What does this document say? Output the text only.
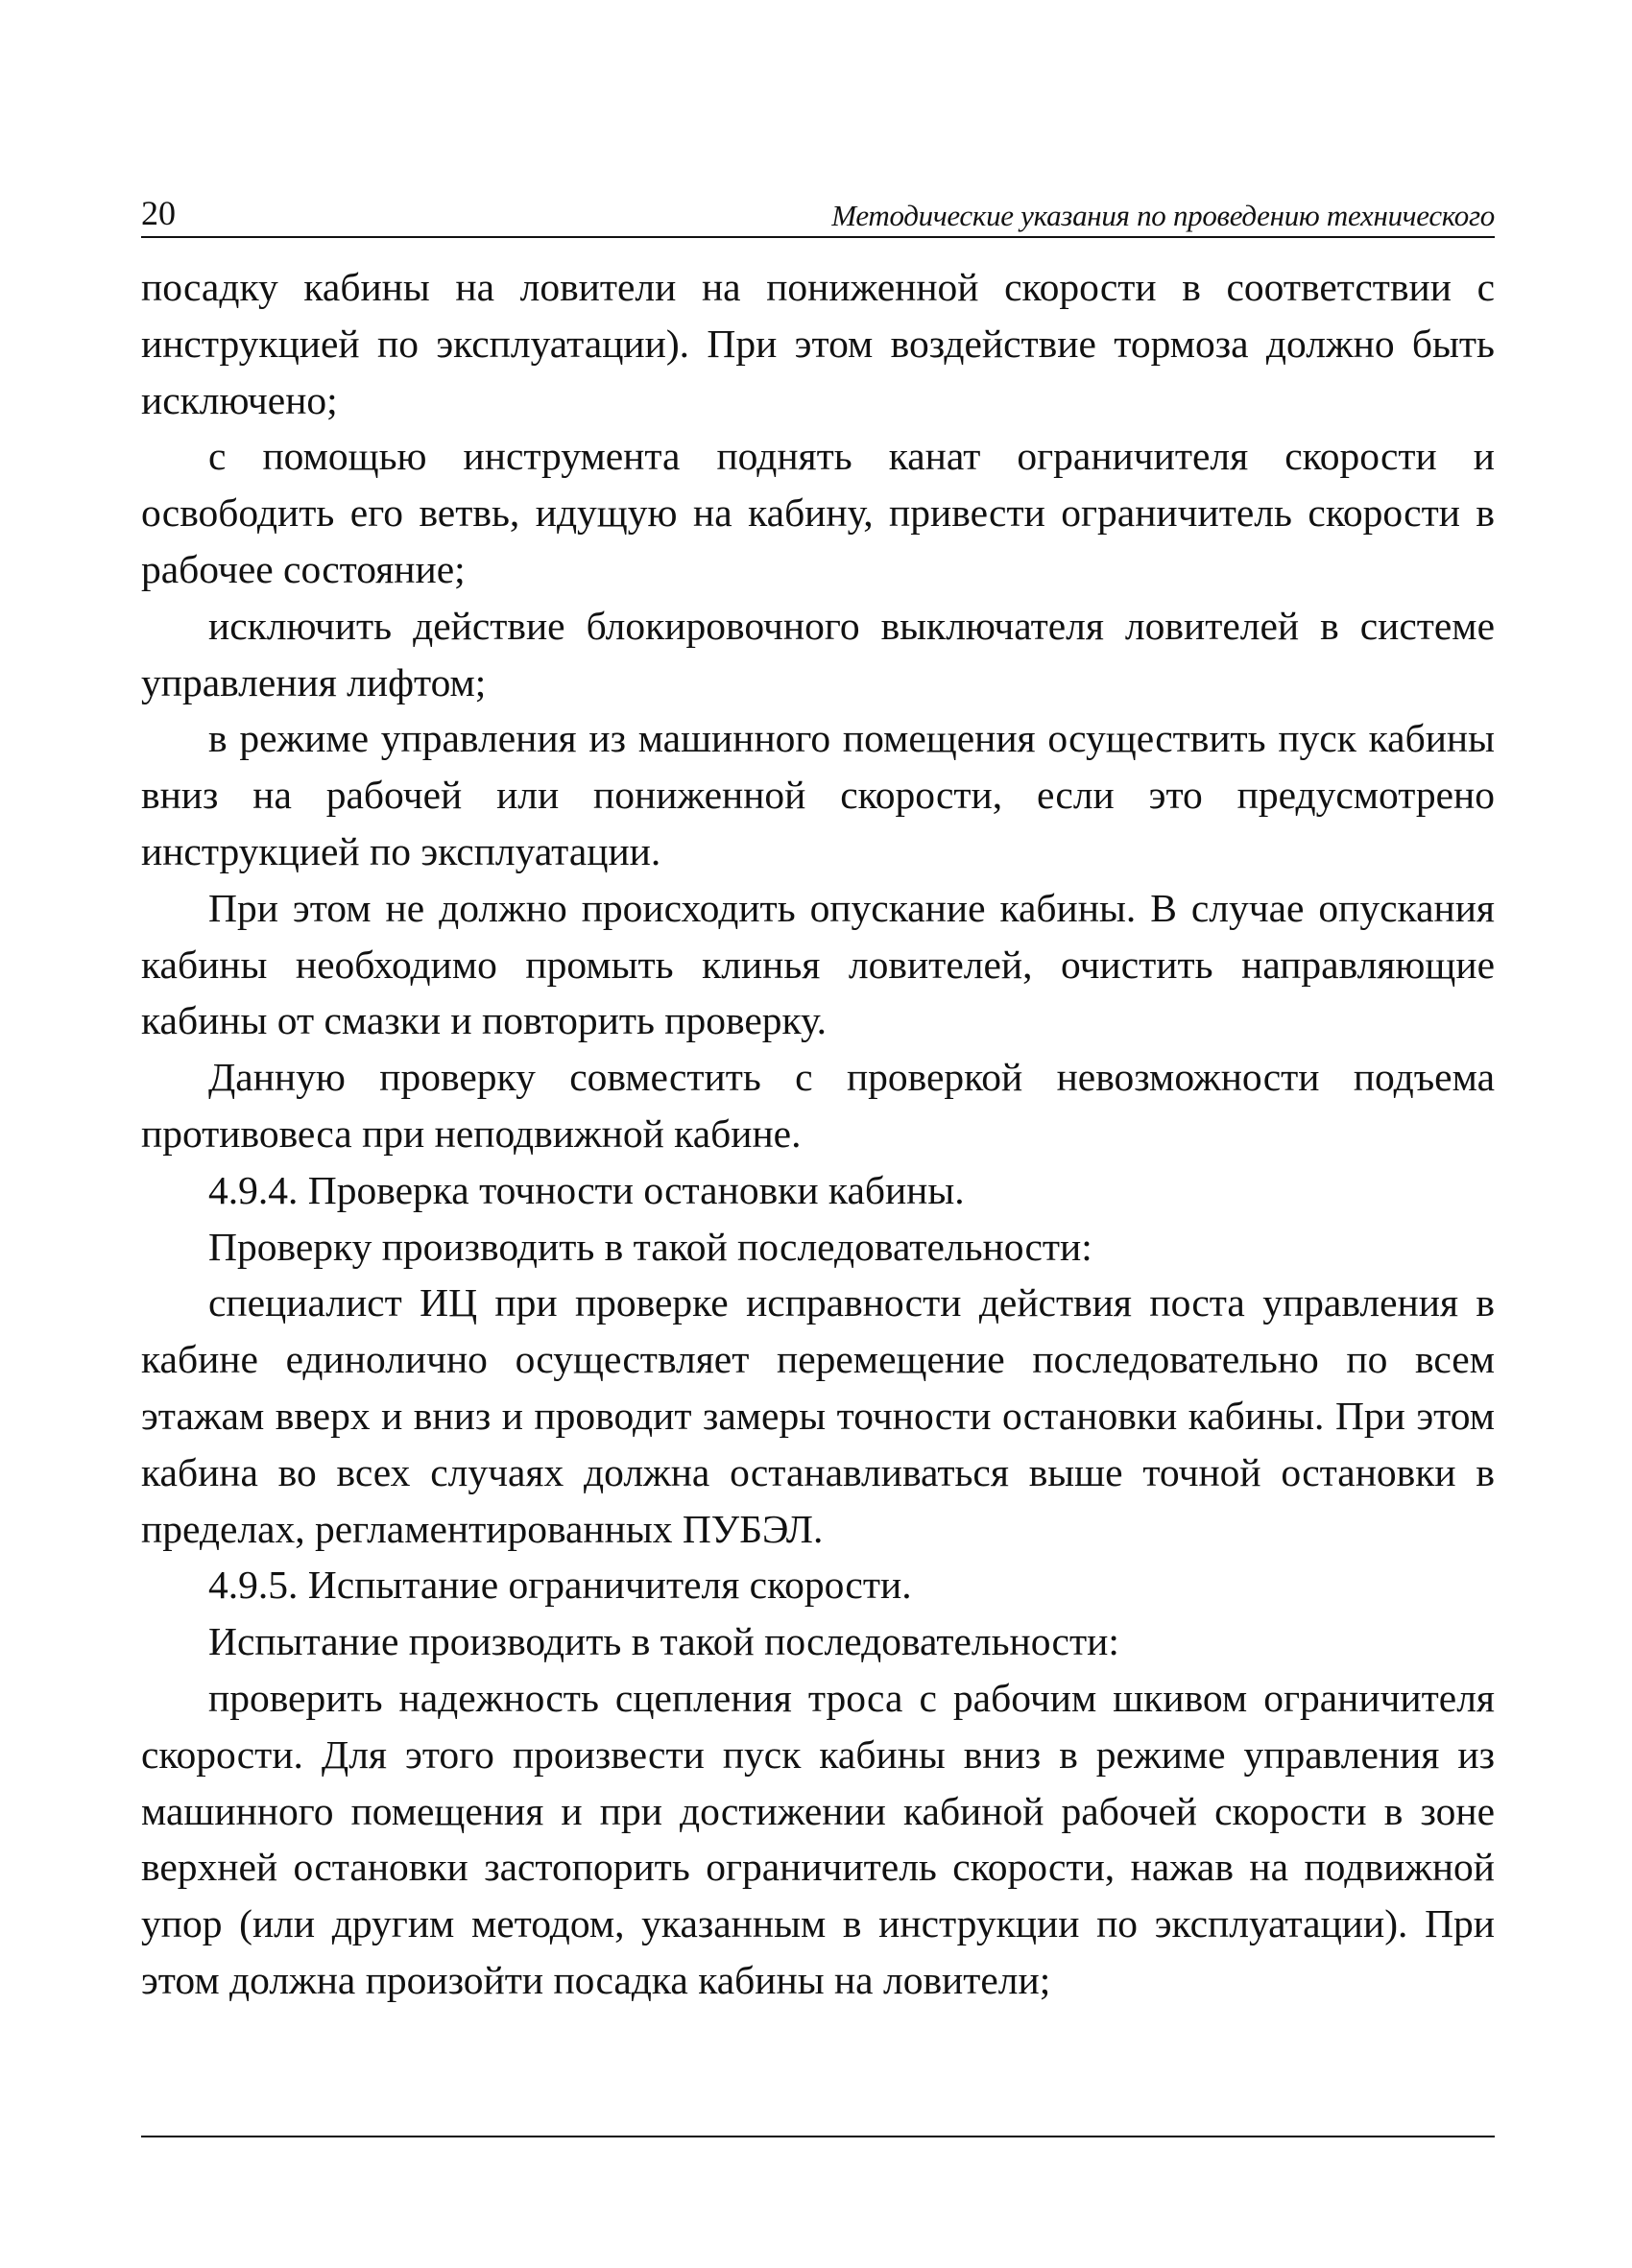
20	Методические указания по проведению технического

посадку кабины на ловители на пониженной скорости в соответствии с инструкцией по эксплуатации). При этом воздействие тормоза должно быть исключено;

с помощью инструмента поднять канат ограничителя скорости и освободить его ветвь, идущую на кабину, привести ограничитель скорости в рабочее состояние;

исключить действие блокировочного выключателя ловителей в системе управления лифтом;

в режиме управления из машинного помещения осуществить пуск кабины вниз на рабочей или пониженной скорости, если это предусмотрено инструкцией по эксплуатации.

При этом не должно происходить опускание кабины. В случае опускания кабины необходимо промыть клинья ловителей, очистить направляющие кабины от смазки и повторить проверку.

Данную проверку совместить с проверкой невозможности подъема противовеса при неподвижной кабине.

4.9.4. Проверка точности остановки кабины.

Проверку производить в такой последовательности:

специалист ИЦ при проверке исправности действия поста управления в кабине единолично осуществляет перемещение последовательно по всем этажам вверх и вниз и проводит замеры точности остановки кабины. При этом кабина во всех случаях должна останавливаться выше точной остановки в пределах, регламентированных ПУБЭЛ.

4.9.5. Испытание ограничителя скорости.

Испытание производить в такой последовательности:

проверить надежность сцепления троса с рабочим шкивом ограничителя скорости. Для этого произвести пуск кабины вниз в режиме управления из машинного помещения и при достижении кабиной рабочей скорости в зоне верхней остановки застопорить ограничитель скорости, нажав на подвижной упор (или другим методом, указанным в инструкции по эксплуатации). При этом должна произойти посадка кабины на ловители;
